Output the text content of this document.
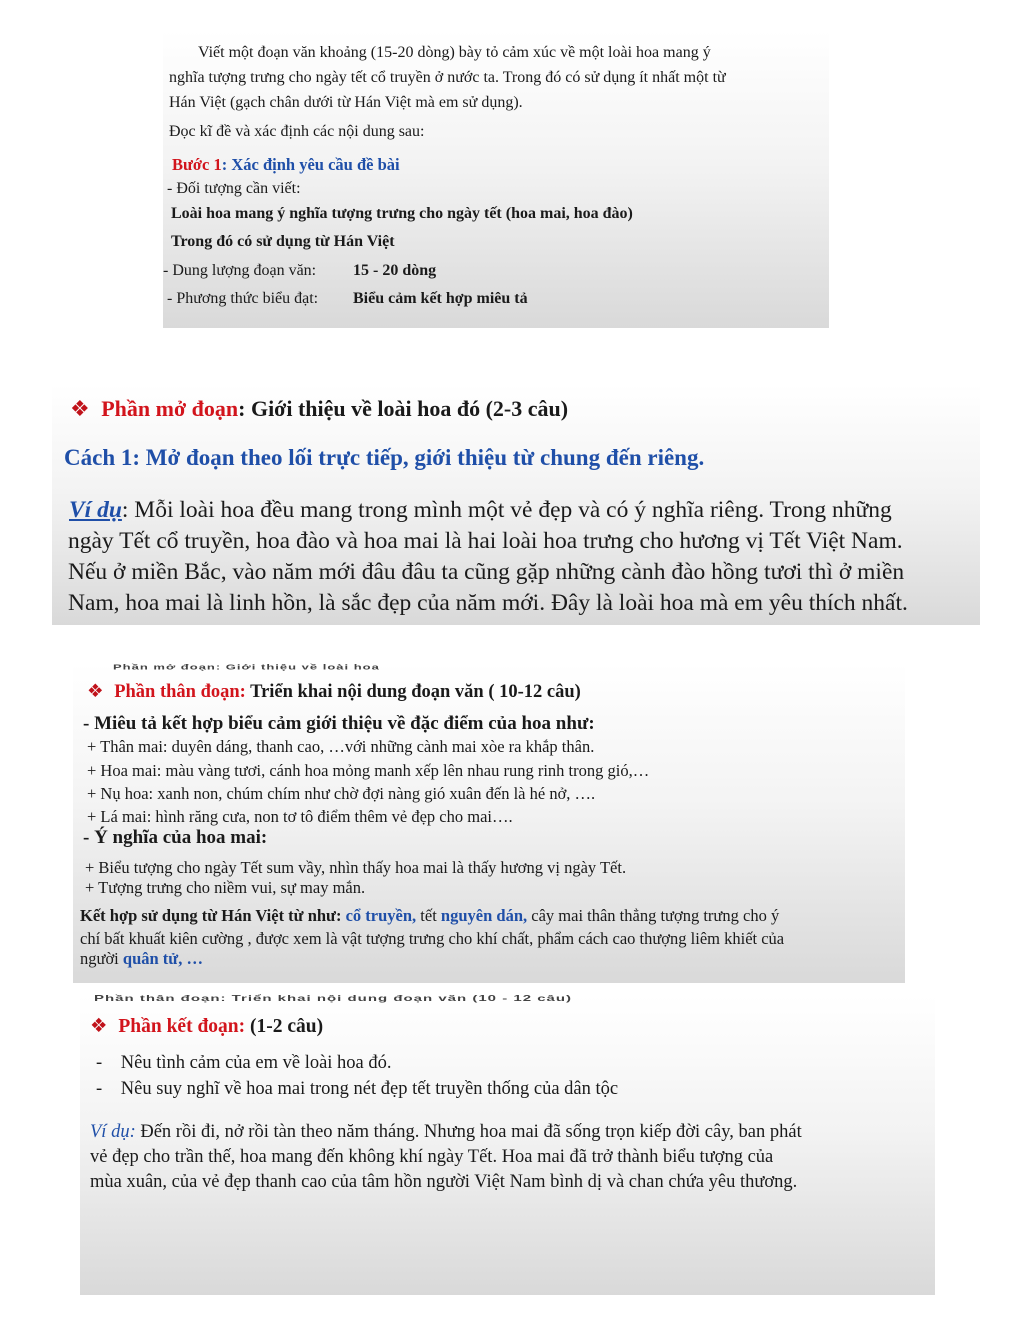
Viết một đoạn văn khoảng (15-20 dòng) bày tỏ cảm xúc về một loài hoa mang ý
nghĩa tượng trưng cho ngày tết cổ truyền ở nước ta. Trong đó có sử dụng ít nhất một từ
Hán Việt (gạch chân dưới từ Hán Việt mà em sử dụng).
Đọc kĩ đề và xác định các nội dung sau:
Bước 1: Xác định yêu cầu đề bài
- Đối tượng cần viết:
Loài hoa mang ý nghĩa tượng trưng cho ngày tết (hoa mai, hoa đào)
Trong đó có sử dụng từ Hán Việt
- Dung lượng đoạn văn: 15 - 20 dòng
- Phương thức biểu đạt: Biểu cảm kết hợp miêu tả
❖ Phần mở đoạn: Giới thiệu về loài hoa đó (2-3 câu)
Cách 1: Mở đoạn theo lối trực tiếp, giới thiệu từ chung đến riêng.
Ví dụ: Mỗi loài hoa đều mang trong mình một vẻ đẹp và có ý nghĩa riêng. Trong những
ngày Tết cổ truyền, hoa đào và hoa mai là hai loài hoa trưng cho hương vị Tết Việt Nam.
Nếu ở miền Bắc, vào năm mới đâu đâu ta cũng gặp những cành đào hồng tươi thì ở miền
Nam, hoa mai là linh hồn, là sắc đẹp của năm mới. Đây là loài hoa mà em yêu thích nhất.
Phần mở đoạn: Giới thiệu về loài hoa
❖ Phần thân đoạn: Triển khai nội dung đoạn văn ( 10-12 câu)
- Miêu tả kết hợp biểu cảm giới thiệu về đặc điểm của hoa như:
+ Thân mai: duyên dáng, thanh cao, …với những cành mai xòe ra khắp thân.
+ Hoa mai: màu vàng tươi, cánh hoa mỏng manh xếp lên nhau rung rinh trong gió,…
+ Nụ hoa: xanh non, chúm chím như chờ đợi nàng gió xuân đến là hé nở, ….
+ Lá mai: hình răng cưa, non tơ tô điểm thêm vẻ đẹp cho mai….
- Ý nghĩa của hoa mai:
+ Biểu tượng cho ngày Tết sum vầy, nhìn thấy hoa mai là thấy hương vị ngày Tết.
+ Tượng trưng cho niềm vui, sự may mắn.
Kết hợp sử dụng từ Hán Việt từ như: cổ truyền, tết nguyên dán, cây mai thân thẳng tượng trưng cho ý
chí bất khuất kiên cường , được xem là vật tượng trưng cho khí chất, phẩm cách cao thượng liêm khiết của
người quân tử, …
Phần thân đoạn: Triển khai nội dung đoạn văn (10 - 12 câu)
❖ Phần kết đoạn: (1-2 câu)
- Nêu tình cảm của em về loài hoa đó.
- Nêu suy nghĩ về hoa mai trong nét đẹp tết truyền thống của dân tộc
Ví dụ: Đến rồi đi, nở rồi tàn theo năm tháng. Nhưng hoa mai đã sống trọn kiếp đời cây, ban phát
vẻ đẹp cho trần thế, hoa mang đến không khí ngày Tết. Hoa mai đã trở thành biểu tượng của
mùa xuân, của vẻ đẹp thanh cao của tâm hồn người Việt Nam bình dị và chan chứa yêu thương.
